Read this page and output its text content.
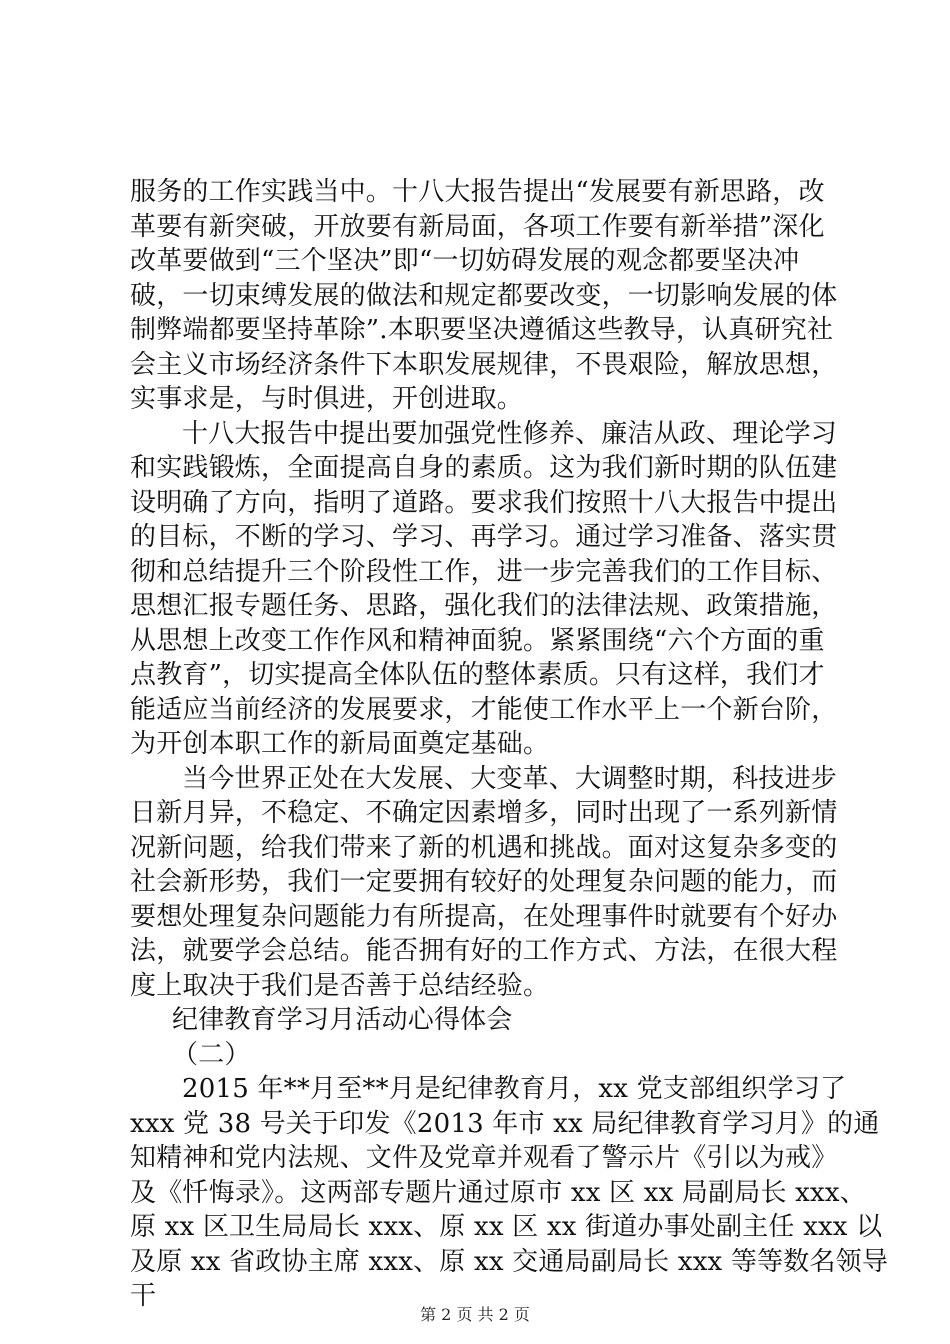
服务的工作实践当中。十八大报告提出“发展要有新思路，改
革要有新突破，开放要有新局面，各项工作要有新举措”深化
改革要做到“三个坚决”即“一切妨碍发展的观念都要坚决冲
破，一切束缚发展的做法和规定都要改变，一切影响发展的体
制弊端都要坚持革除”.本职要坚决遵循这些教导，认真研究社
会主义市场经济条件下本职发展规律，不畏艰险，解放思想，
实事求是，与时俱进，开创进取。
十八大报告中提出要加强党性修养、廉洁从政、理论学习
和实践锻炼，全面提高自身的素质。这为我们新时期的队伍建
设明确了方向，指明了道路。要求我们按照十八大报告中提出
的目标，不断的学习、学习、再学习。通过学习准备、落实贯
彻和总结提升三个阶段性工作，进一步完善我们的工作目标、
思想汇报专题任务、思路，强化我们的法律法规、政策措施，
从思想上改变工作作风和精神面貌。紧紧围绕“六个方面的重
点教育”，切实提高全体队伍的整体素质。只有这样，我们才
能适应当前经济的发展要求，才能使工作水平上一个新台阶，
为开创本职工作的新局面奠定基础。
当今世界正处在大发展、大变革、大调整时期，科技进步
日新月异，不稳定、不确定因素增多，同时出现了一系列新情
况新问题，给我们带来了新的机遇和挑战。面对这复杂多变的
社会新形势，我们一定要拥有较好的处理复杂问题的能力，而
要想处理复杂问题能力有所提高，在处理事件时就要有个好办
法，就要学会总结。能否拥有好的工作方式、方法，在很大程
度上取决于我们是否善于总结经验。
纪律教育学习月活动心得体会
（二）
2015 年**月至**月是纪律教育月，xx 党支部组织学习了
xxx 党 38 号关于印发《2013 年市 xx 局纪律教育学习月》的通
知精神和党内法规、文件及党章并观看了警示片《引以为戒》
及《忏悔录》。这两部专题片通过原市 xx 区 xx 局副局长 xxx、
原 xx 区卫生局局长 xxx、原 xx 区 xx 街道办事处副主任 xxx 以
及原 xx 省政协主席 xxx、原 xx 交通局副局长 xxx 等等数名领导
干
第 2 页 共 2 页
